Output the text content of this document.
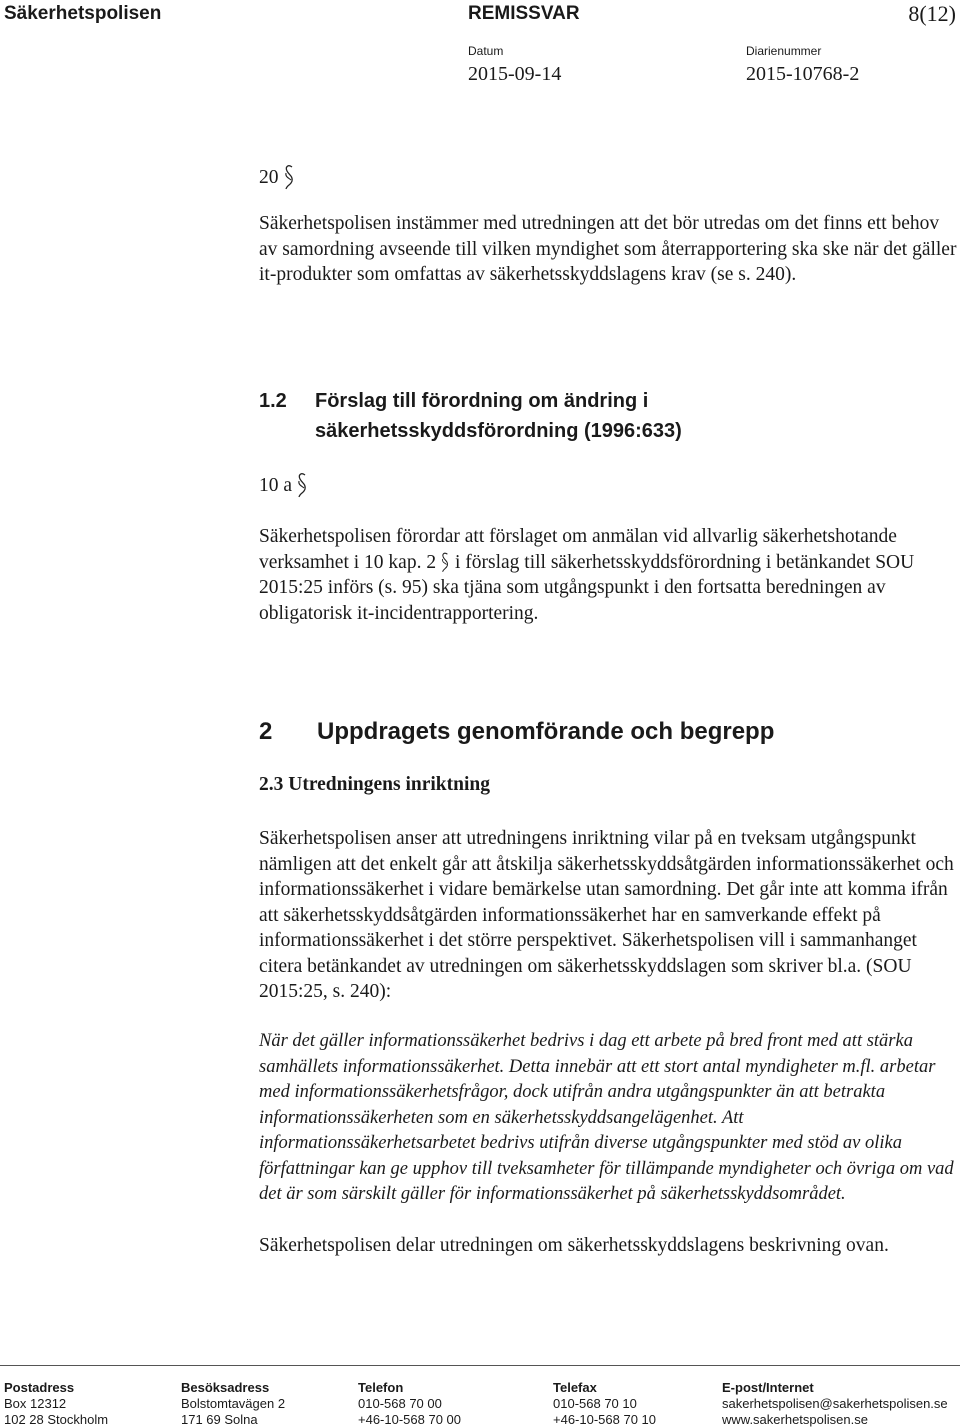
Säkerhetspolisen	REMISSVAR	8(12)
Datum
2015-09-14
Diarienummer
2015-10768-2
20

Säkerhetspolisen instämmer med utredningen att det bör utredas om det finns ett behov av samordning avseende till vilken myndighet som återrapportering ska ske när det gäller it-produkter som omfattas av säkerhetsskyddslagens krav (se s. 240).

1.2 Förslag till förordning om ändring i säkerhetsskyddsförordning (1996:633)
10 a

Säkerhetspolisen förordar att förslaget om anmälan vid allvarlig säkerhetshotande verksamhet i 10 kap. 2 i förslag till säkerhetsskyddsförordning i betänkandet SOU 2015:25 införs (s. 95) ska tjäna som utgångspunkt i den fortsatta beredningen av obligatorisk it-incidentrapportering.

2 Uppdragets genomförande och begrepp
2.3 Utredningens inriktning

Säkerhetspolisen anser att utredningens inriktning vilar på en tveksam utgångspunkt nämligen att det enkelt går att åtskilja säkerhetsskyddsåtgärden informationssäkerhet och informationssäkerhet i vidare bemärkelse utan samordning. Det går inte att komma ifrån att säkerhetsskyddsåtgärden informationssäkerhet har en samverkande effekt på informationssäkerhet i det större perspektivet. Säkerhetspolisen vill i sammanhanget citera betänkandet av utredningen om säkerhetsskyddslagen som skriver bl.a. (SOU 2015:25, s. 240):

När det gäller informationssäkerhet bedrivs i dag ett arbete på bred front med att stärka samhällets informationssäkerhet. Detta innebär att ett stort antal myndigheter m.fl. arbetar med informationssäkerhetsfrågor, dock utifrån andra utgångspunkter än att betrakta informationssäkerheten som en säkerhetsskyddsangelägenhet. Att informationssäkerhetsarbetet bedrivs utifrån diverse utgångspunkter med stöd av olika författningar kan ge upphov till tveksamheter för tillämpande myndigheter och övriga om vad det är som särskilt gäller för informationssäkerhet på säkerhetsskyddsområdet.

Säkerhetspolisen delar utredningen om säkerhetsskyddslagens beskrivning ovan.

Postadress
Box 12312
102 28 Stockholm
Besöksadress
Bolstomtavägen 2
171 69 Solna
Telefon
010-568 70 00
+46-10-568 70 00
Telefax
010-568 70 10
+46-10-568 70 10
E-post/Internet
sakerhetspolisen@sakerhetspolisen.se
www.sakerhetspolisen.se
